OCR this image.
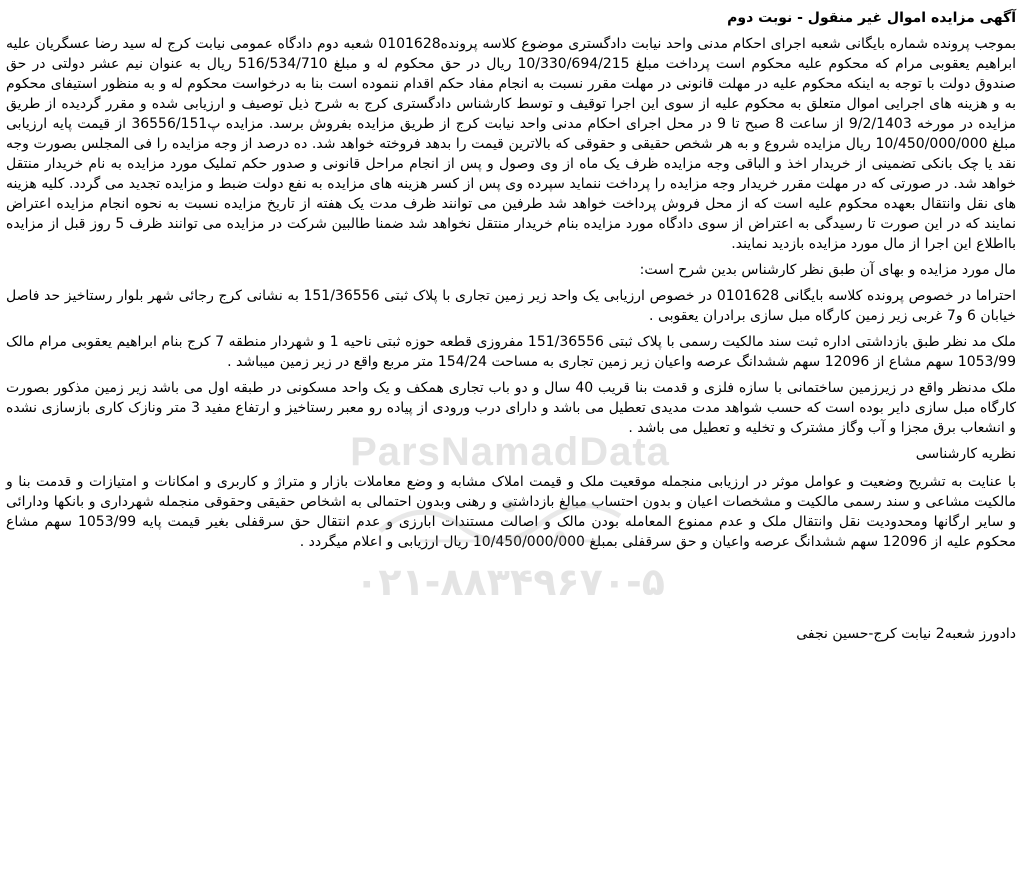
آگهی مزایده اموال غیر منقول - نوبت دوم
بموجب پرونده شماره بایگانی شعبه اجرای احکام مدنی واحد نیابت دادگستری موضوع کلاسه پرونده0101628 شعبه دوم دادگاه عمومی نیابت کرج له سید رضا عسگریان علیه ابراهیم یعقوبی مرام که محکوم علیه محکوم است پرداخت مبلغ 10/330/694/215 ریال در حق محکوم له و مبلغ 516/534/710 ریال به عنوان نیم عشر دولتی در حق صندوق دولت با توجه به اینکه محکوم علیه در مهلت قانونی در مهلت مقرر نسبت به انجام مفاد حکم اقدام ننموده است بنا به درخواست محکوم له و به منظور استیفای محکوم به و هزینه های اجرایی اموال متعلق به محکوم علیه از سوی این اجرا توقیف و توسط کارشناس دادگستری کرج به شرح ذیل توصیف و ارزیابی شده و مقرر گردیده از طریق مزایده در مورخه 9/2/1403 از ساعت 8 صبح تا 9 در محل اجرای احکام مدنی واحد نیابت کرج از طریق مزایده بفروش برسد. مزایده پ36556/151 از قیمت پایه ارزیابی مبلغ 10/450/000/000 ریال مزایده شروع و به هر شخص حقیقی و حقوقی که بالاترین قیمت را بدهد فروخته خواهد شد. ده درصد از وجه مزایده را فی المجلس بصورت وجه نقد یا چک بانکی تضمینی از خریدار اخذ و الباقی وجه مزایده ظرف یک ماه از وی وصول و پس از انجام مراحل قانونی و صدور حکم تملیک مورد مزایده به نام خریدار منتقل خواهد شد. در صورتی که در مهلت مقرر خریدار وجه مزایده را پرداخت ننماید سپرده وی پس از کسر هزینه های مزایده به نفع دولت ضبط و مزایده تجدید می گردد. کلیه هزینه های نقل وانتقال بعهده محکوم علیه است که از محل فروش پرداخت خواهد شد طرفین می توانند ظرف مدت یک هفته از تاریخ مزایده نسبت به نحوه انجام مزایده اعتراض نمایند که در این صورت تا رسیدگی به اعتراض از سوی دادگاه مورد مزایده بنام خریدار منتقل نخواهد شد ضمنا طالبین شرکت در مزایده می توانند ظرف 5 روز قبل از مزایده بااطلاع این اجرا از مال مورد مزایده بازدید نمایند.
مال مورد مزایده و بهای آن طبق نظر کارشناس بدین شرح است:
احتراما در خصوص پرونده کلاسه بایگانی 0101628 در خصوص ارزیابی یک واحد زیر زمین تجاری با پلاک ثبتی 151/36556 به نشانی کرج رجائی شهر بلوار رستاخیز حد فاصل خیابان 6 و7 غربی زیر زمین کارگاه مبل سازی برادران یعقوبی .
ملک مد نظر طبق بازداشتی اداره ثبت سند مالکیت رسمی با پلاک ثبتی 151/36556 مفروزی قطعه حوزه ثبتی ناحیه 1 و شهردار منطقه 7 کرج بنام ابراهیم یعقوبی مرام مالک 1053/99 سهم مشاع از 12096 سهم ششدانگ عرصه واعیان زیر زمین تجاری به مساحت 154/24 متر مربع واقع در زیر زمین میباشد .
ملک مدنظر واقع در زیرزمین ساختمانی با سازه فلزی و قدمت بنا قریب 40 سال و دو باب تجاری همکف و یک واحد مسکونی در طبقه اول می باشد زیر زمین مذکور بصورت کارگاه مبل سازی دایر بوده است که حسب شواهد مدت مدیدی تعطیل می باشد و دارای درب ورودی از پیاده رو معبر رستاخیز و ارتفاع مفید 3 متر ونازک کاری بازسازی نشده و انشعاب برق مجزا و آب وگاز مشترک و تخلیه و تعطیل می باشد .
نظریه کارشناسی
با عنایت به تشریح وضعیت و عوامل موثر در ارزیابی منجمله موقعیت ملک و قیمت املاک مشابه و وضع معاملات بازار و متراژ و کاربری و امکانات و امتیازات و قدمت بنا و مالکیت مشاعی و سند رسمی مالکیت و مشخصات اعیان و بدون احتساب مبالغ بازداشتی و رهنی وبدون احتمالی به اشخاص حقیقی وحقوقی منجمله شهرداری و بانکها ودارائی و سایر ارگانها ومحدودیت نقل وانتقال ملک و عدم ممنوع المعامله بودن مالک و اصالت مستندات ابارزی و عدم انتقال حق سرقفلی بغیر قیمت پایه 1053/99 سهم مشاع محکوم علیه از 12096 سهم ششدانگ عرصه واعیان و حق سرقفلی بمبلغ 10/450/000/000 ریال ارزیابی و اعلام میگردد .
دادورز شعبه2 نیابت کرج-حسین نجفی
ParsNamadData
۰۲۱-۸۸۳۴۹۶۷۰-۵
